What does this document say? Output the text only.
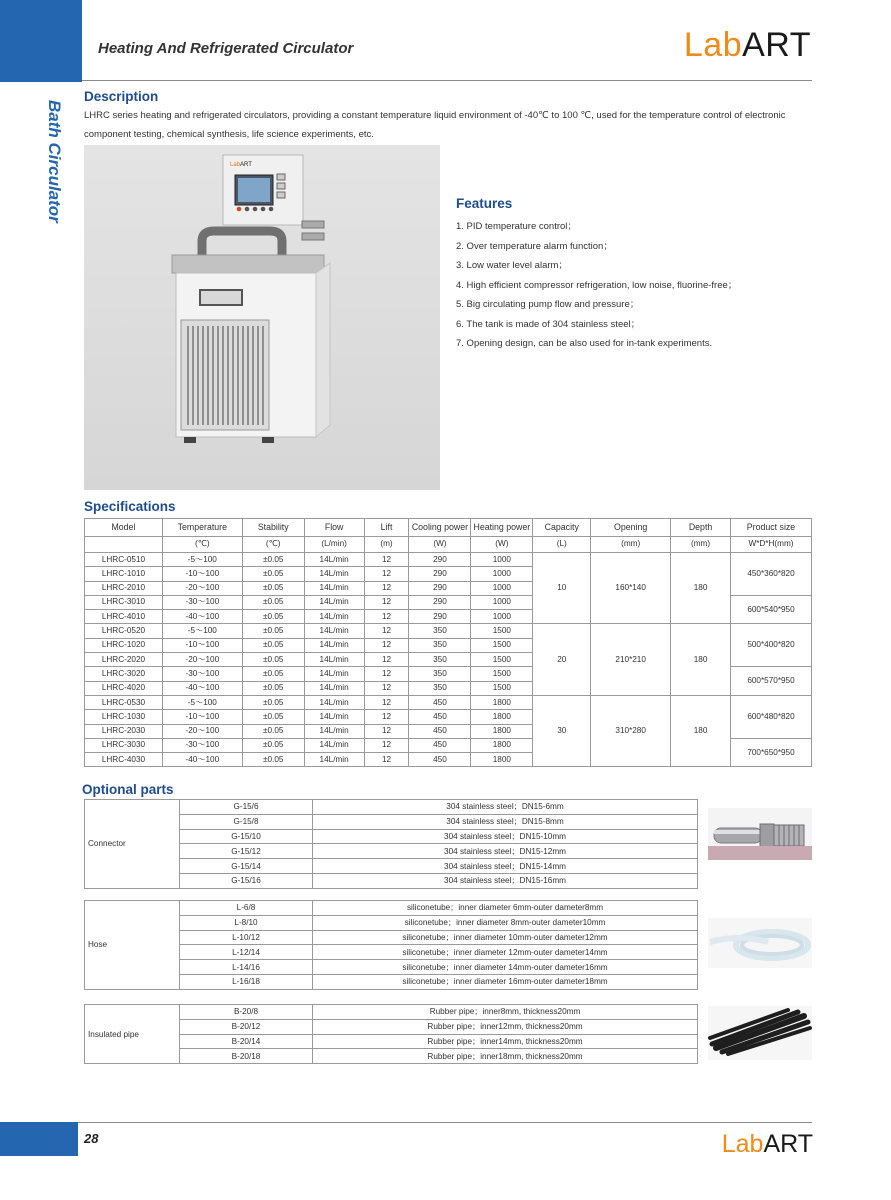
Heating And Refrigerated Circulator	LabART
Bath Circulator
Description

LHRC series heating and refrigerated circulators, providing a constant temperature liquid environment of -40℃ to 100 ℃, used for the temperature control of electronic component testing, chemical synthesis, life science experiments, etc.

Lab ART
Features
1. PID temperature control；
2. Over temperature alarm function；
3. Low water level alarm；
4. High efficient compressor refrigeration, low noise, fluorine-free；
5. Big circulating pump flow and pressure；
6. The tank is made of 304 stainless steel；
7. Opening design, can be also used for in-tank experiments.
Specifications
Model	Temperature	Stability	Flow	Lift	Cooling power	Heating power	Capacity	Opening	Depth	Product size
	(℃)	(℃)	(L/min)	(m)	(W)	(W)	(L)	(mm)	(mm)	W*D*H(mm)
LHRC-0510	-5～100	±0.05	14L/min	12	290	1000	10	160*140	180	450*360*820
LHRC-1010	-10～100	±0.05	14L/min	12	290	1000				
LHRC-2010	-20～100	±0.05	14L/min	12	290	1000				
LHRC-3010	-30～100	±0.05	14L/min	12	290	1000				600*540*950
LHRC-4010	-40～100	±0.05	14L/min	12	290	1000				
LHRC-0520	-5～100	±0.05	14L/min	12	350	1500	20	210*210	180	500*400*820
LHRC-1020	-10～100	±0.05	14L/min	12	350	1500				
LHRC-2020	-20～100	±0.05	14L/min	12	350	1500				
LHRC-3020	-30～100	±0.05	14L/min	12	350	1500				600*570*950
LHRC-4020	-40～100	±0.05	14L/min	12	350	1500				
LHRC-0530	-5～100	±0.05	14L/min	12	450	1800	30	310*280	180	600*480*820
LHRC-1030	-10～100	±0.05	14L/min	12	450	1800				
LHRC-2030	-20～100	±0.05	14L/min	12	450	1800				
LHRC-3030	-30～100	±0.05	14L/min	12	450	1800				700*650*950
LHRC-4030	-40～100	±0.05	14L/min	12	450	1800				
Optional parts
Connector	G-15/6	304 stainless steel；DN15-6mm
	G-15/8	304 stainless steel；DN15-8mm
	G-15/10	304 stainless steel；DN15-10mm
	G-15/12	304 stainless steel；DN15-12mm
	G-15/14	304 stainless steel；DN15-14mm
	G-15/16	304 stainless steel；DN15-16mm
Hose	L-6/8	siliconetube；inner diameter 6mm-outer dameter8mm
	L-8/10	siliconetube；inner diameter 8mm-outer dameter10mm
	L-10/12	siliconetube；inner diameter 10mm-outer dameter12mm
	L-12/14	siliconetube；inner diameter 12mm-outer dameter14mm
	L-14/16	siliconetube；inner diameter 14mm-outer dameter16mm
	L-16/18	siliconetube；inner diameter 16mm-outer dameter18mm
Insulated pipe	B-20/8	Rubber pipe；inner8mm, thickness20mm
	B-20/12	Rubber pipe；inner12mm, thickness20mm
	B-20/14	Rubber pipe；inner14mm, thickness20mm
	B-20/18	Rubber pipe；inner18mm, thickness20mm
28	LabART
